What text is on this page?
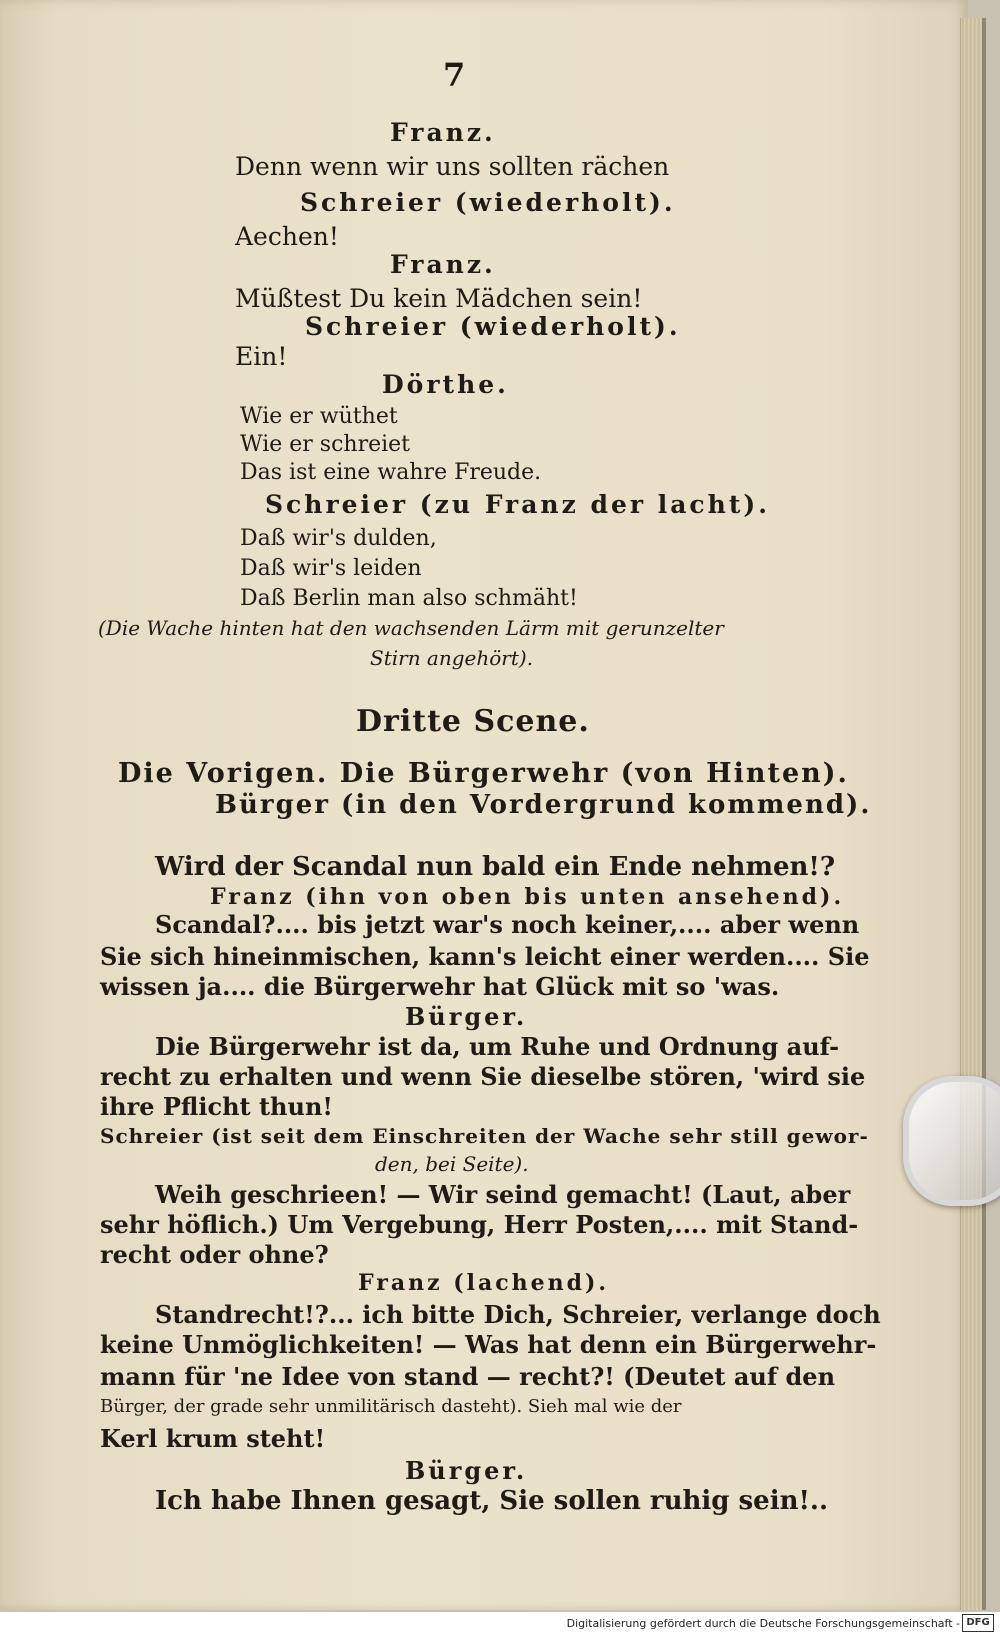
7
Franz.
Denn wenn wir uns sollten rächen
Schreier (wiederholt).
Aechen!
Franz.
Müßtest Du kein Mädchen sein!
Schreier (wiederholt).
Ein!
Dörthe.
Wie er wüthet
Wie er schreiet
Das ist eine wahre Freude.
Schreier (zu Franz der lacht).
Daß wir's dulden,
Daß wir's leiden
Daß Berlin man also schmäht!
(Die Wache hinten hat den wachsenden Lärm mit gerunzelter
Stirn angehört).
Dritte Scene.
Die Vorigen. Die Bürgerwehr (von Hinten).
Bürger (in den Vordergrund kommend).
Wird der Scandal nun bald ein Ende nehmen!?
Franz (ihn von oben bis unten ansehend).
Scandal?.... bis jetzt war's noch keiner,.... aber wenn
Sie sich hineinmischen, kann's leicht einer werden.... Sie
wissen ja.... die Bürgerwehr hat Glück mit so 'was.
Bürger.
Die Bürgerwehr ist da, um Ruhe und Ordnung auf-
recht zu erhalten und wenn Sie dieselbe stören, 'wird sie
ihre Pflicht thun!
Schreier (ist seit dem Einschreiten der Wache sehr still gewor-
den, bei Seite).
Weih geschrieen! — Wir seind gemacht! (Laut, aber
sehr höflich.) Um Vergebung, Herr Posten,.... mit Stand-
recht oder ohne?
Franz (lachend).
Standrecht!?... ich bitte Dich, Schreier, verlange doch
keine Unmöglichkeiten! — Was hat denn ein Bürgerwehr-
mann für 'ne Idee von stand — recht?! (Deutet auf den
Bürger, der grade sehr unmilitärisch dasteht). Sieh mal wie der
Kerl krum steht!
Bürger.
Ich habe Ihnen gesagt, Sie sollen ruhig sein!..
Digitalisierung gefördert durch die Deutsche Forschungsgemeinschaft - DFG
